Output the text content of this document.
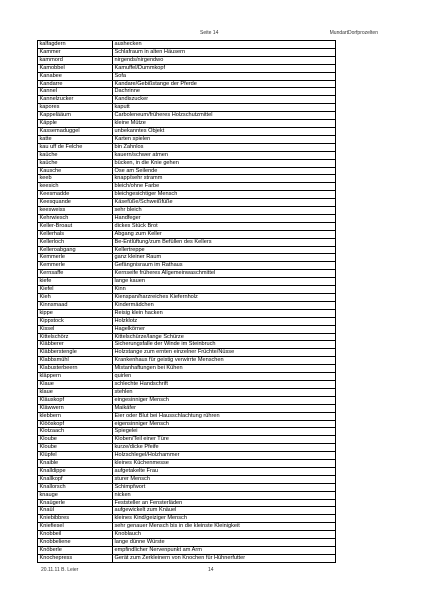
Seite 14	MundartDorfprozelten
kalfagdern	aushecken
Kammer	Schlafraum in alten Häusern
kammord	nirgends/nirgendwo
Kamobbel	Kamuffel/Dummkopf
Kanabee	Sofa
Kandarre	Kandare/Gebißstange der Pferde
Kannel	Dachrinne
Kannelzucker	Kandiszucker
kapores	kaputt
Kappelääum	Carboleneum/früheres Holzschutzmittel
Käpple	kleine Mütze
Kassemaduggel	unbekanntes Objekt
katte	Karten spielen
kau uff de Felche	bin Zahnlos
kaüche	kauern/schwer atmen
kaüche	bücken, in die Knie gehen
Kausche	Öse am Seilende
keeb	knapp/sehr stramm
keesich	bleich/ohne Farbe
Keesmadde	bleichgesichtiger Mensch
Keesquande	Käsefüße/Schweißfüße
keesweiss	sehr bleich
Kehrwiesch	Handfeger
Keller-Broaut	dickes Stück Brot
Kellerhals	Abgang zum Keller
Kellerloch	Be-Entlüftung/zum Befüllen des Kellers
Kelleroabgang	Kellertreppe
Kemmerle	ganz kleiner Raum
Kemmerle	Gefängnisraum im Rathaus
Kernsaffe	Kernseife früheres Allgemeinwaschmittel
kiefe	lange kauen
Kiefel	Kinn
Kieh	Kienspan/harzreiches Kiefernholz
Kinnsmaad	Kindermädchen
kippe	Reisig klein hacken
Kippstock	Holzklotz
Kissel	Hagelkörner
Kittelschörz	Kittelschürze/lange Schürze
Kläbberer	Sicherungsfalle der Winde im Steinbruch
Kläbberstengle	Holzstange zum ernten einzelner Früchte/Nüsse
Klabbsmühl	Krankenhaus für geistig verwirrte Menschen
Klabusterbeern	Mistanhaftungen bei Kühen
kläppern	quirlen
Klaue	schlechte Handschrift
klaue	stehlen
Kläuskopf	eingesinniger Mensch
Kläwwern	Maikäfer
klebbern	Eier oder Blut bei Hausschlachtung rühren
Klööskopf	eigensinniger Mensch
Klotzaach	Spiegelei
Kloube	Kloben/Teil einer Türe
Kloube	kurze/dicke Pfeife
Klüpfel	Holzschlegel/Holzhammer
Knaible	kleines Küchenmesse
Knalldippe	aufgetakelte Frau
Knallkopf	sturer Mensch
Knallorsch	Schimpfwort
knauge	nicken
Knaügerle	Feststeller an Fensterläden
Knaül	aufgewickelt zum Knäuel
Kniebibbres	kleines Kind/geiziger Mensch
Kniefiesel	sehr genauer Mensch bis in die kleinste Kleinigkeit
Knobbeil	Knoblauch
Knobbeliene	lange dünne Würste
Knöberle	empfindlicher Nervenpunkt am Arm
Knochepress	Gerät zum Zerkleinern von Knochen für Hühnerfutter
20.11.11 B. Leier	14
